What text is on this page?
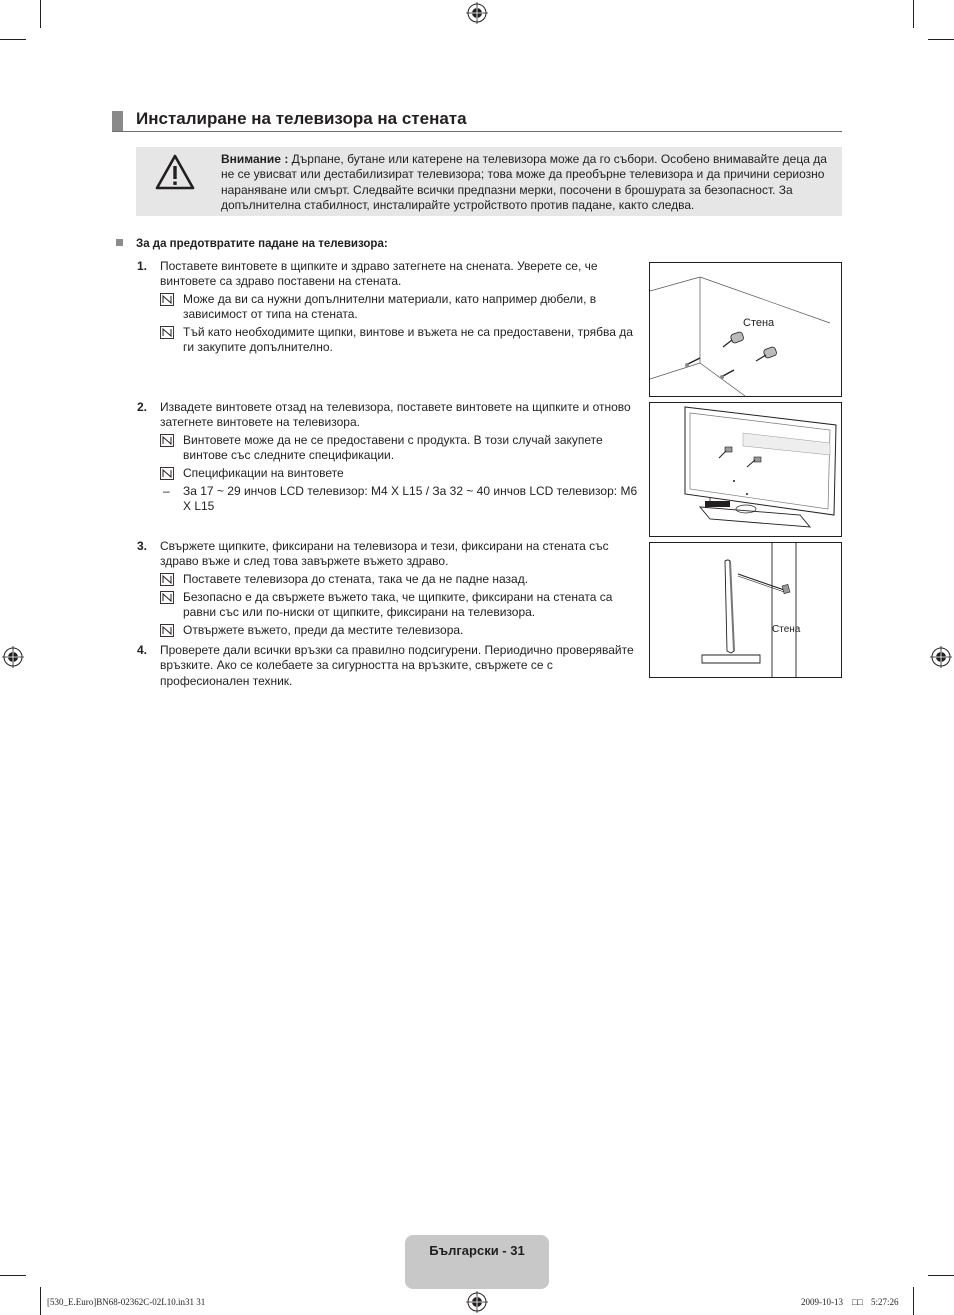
Инсталиране на телевизора на стената
Внимание : Дърпане, бутане или катерене на телевизора може да го събори. Особено внимавайте деца да не се увисват или дестабилизират телевизора; това може да преобърне телевизора и да причини сериозно нараняване или смърт. Следвайте всички предпазни мерки, посочени в брошурата за безопасност. За допълнителна стабилност, инсталирайте устройството против падане, както следва.
За да предотвратите падане на телевизора:
1. Поставете винтовете в щипките и здраво затегнете на снената. Уверете се, че винтовете са здраво поставени на стената.
Може да ви са нужни допълнителни материали, като например дюбели, в зависимост от типа на стената.
Тъй като необходимите щипки, винтове и въжета не са предоставени, трябва да ги закупите допълнително.
2. Извадете винтовете отзад на телевизора, поставете винтовете на щипките и отново затегнете винтовете на телевизора.
Винтовете може да не се предоставени с продукта. В този случай закупете винтове със следните спецификации.
Спецификации на винтовете
– За 17 ~ 29 инчов LCD телевизор: M4 X L15 / За 32 ~ 40 инчов LCD телевизор: M6 X L15
3. Свържете щипките, фиксирани на телевизора и тези, фиксирани на стената със здраво въже и след това завържете въжето здраво.
Поставете телевизора до стената, така че да не падне назад.
Безопасно е да свържете въжето така, че щипките, фиксирани на стената са равни със или по-ниски от щипките, фиксирани на телевизора.
Отвържете въжето, преди да местите телевизора.
4. Проверете дали всички връзки са правилно подсигурени. Периодично проверявайте връзките. Ако се колебаете за сигурността на връзките, свържете се с професионален техник.
Стена
Стена
Български - 31
[530_E.Euro]BN68-02362C-02L10.in31 31	2009-10-13 □□ 5:27:26
